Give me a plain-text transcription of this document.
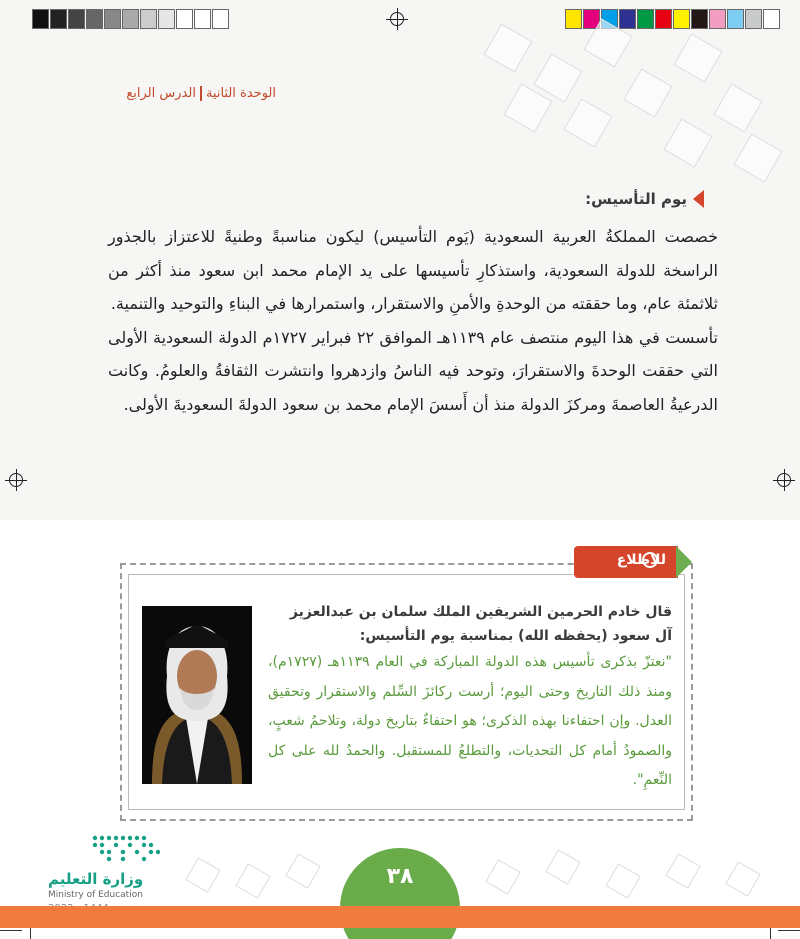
الوحدة الثانيةالدرس الرابع
يوم التأسيس:

خصصت المملكةُ العربية السعودية (يَوم التأسيس) ليكون مناسبةً وطنيةً للاعتزاز بالجذور الراسخة للدولة السعودية، واستذكارِ تأسيسها على يد الإمام محمد ابن سعود منذ أكثر من ثلاثمئة عام، وما حققته من الوحدةِ والأمنِ والاستقرار، واستمرارها في البناءِ والتوحيد والتنمية.

تأسست في هذا اليوم منتصف عام ١١٣٩هـ الموافق ٢٢ فبراير ١٧٢٧م الدولة السعودية الأولى التي حققت الوحدةَ والاستقرارَ، وتوحد فيه الناسُ وازدهروا وانتشرت الثقافةُ والعلومُ. وكانت الدرعيةُ العاصمةَ ومركزَ الدولة منذ أن أَسسَ الإمام محمد بن سعود الدولةَ السعوديةَ الأولى.

للاطلاع
قال خادم الحرمين الشريفين الملك سلمان بن عبدالعزيز
آل سعود (يحفظه الله) بمناسبة يوم التأسيس:

"نعتزّ بذكرى تأسيس هذه الدولة المباركة في العام ١١٣٩هـ (١٧٢٧م)، ومنذ ذلك التاريخ وحتى اليوم؛ أرست ركائزَ السِّلم والاستقرار وتحقيق العدل. وإن احتفاءنا بهذه الذكرى؛ هو احتفاءٌ بتاريخ دولة، وتلاحمُ شعبٍ، والصمودُ أمام كل التحديات، والتطلعُ للمستقبل. والحمدُ لله على كل النِّعمِ".

وزارة التعليم
Ministry of Education
٣٨
